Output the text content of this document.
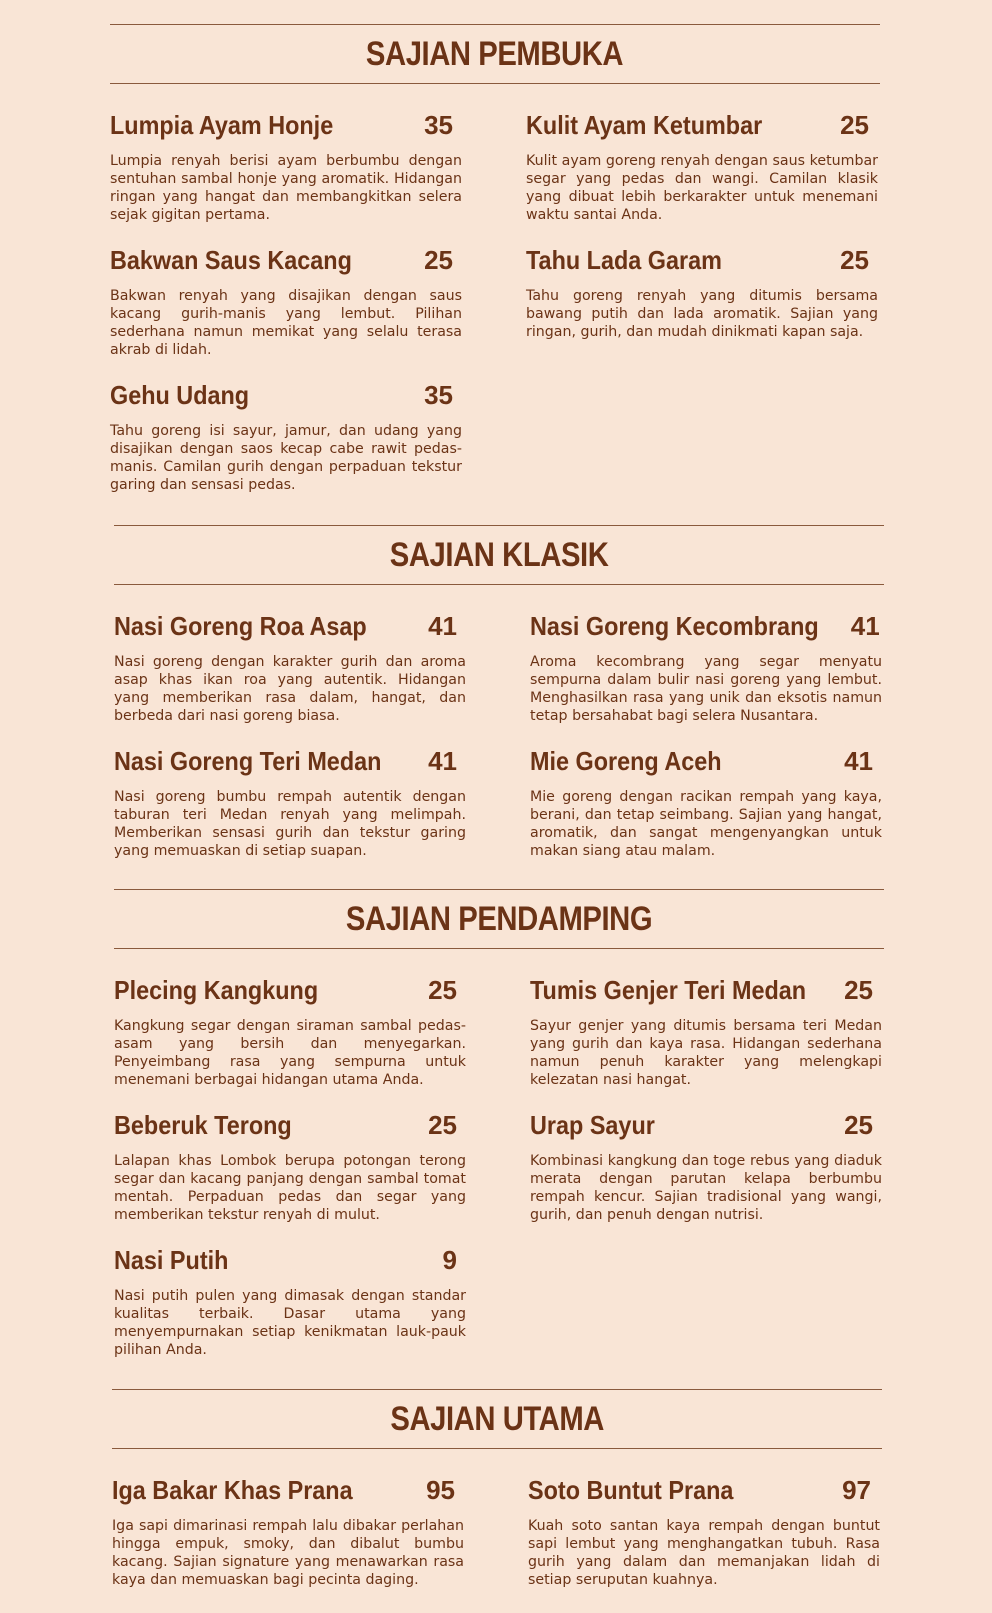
SAJIAN PEMBUKA
Lumpia Ayam Honje	35
Lumpia renyah berisi ayam berbumbu dengan sentuhan sambal honje yang aromatik. Hidangan ringan yang hangat dan membangkitkan selera sejak gigitan pertama.
Kulit Ayam Ketumbar	25
Kulit ayam goreng renyah dengan saus ketumbar segar yang pedas dan wangi. Camilan klasik yang dibuat lebih berkarakter untuk menemani waktu santai Anda.
Bakwan Saus Kacang	25
Bakwan renyah yang disajikan dengan saus kacang gurih-manis yang lembut. Pilihan sederhana namun memikat yang selalu terasa akrab di lidah.
Tahu Lada Garam	25
Tahu goreng renyah yang ditumis bersama bawang putih dan lada aromatik. Sajian yang ringan, gurih, dan mudah dinikmati kapan saja.
Gehu Udang	35
Tahu goreng isi sayur, jamur, dan udang yang disajikan dengan saos kecap cabe rawit pedas-manis. Camilan gurih dengan perpaduan tekstur garing dan sensasi pedas.
SAJIAN KLASIK
Nasi Goreng Roa Asap 41
Nasi goreng dengan karakter gurih dan aroma asap khas ikan roa yang autentik. Hidangan yang memberikan rasa dalam, hangat, dan berbeda dari nasi goreng biasa.
Nasi Goreng Kecombrang 41
Aroma kecombrang yang segar menyatu sempurna dalam bulir nasi goreng yang lembut. Menghasilkan rasa yang unik dan eksotis namun tetap bersahabat bagi selera Nusantara.
Nasi Goreng Teri Medan 41
Nasi goreng bumbu rempah autentik dengan taburan teri Medan renyah yang melimpah. Memberikan sensasi gurih dan tekstur garing yang memuaskan di setiap suapan.
Mie Goreng Aceh	41
Mie goreng dengan racikan rempah yang kaya, berani, dan tetap seimbang. Sajian yang hangat, aromatik, dan sangat mengenyangkan untuk makan siang atau malam.
SAJIAN PENDAMPING
Plecing Kangkung	25
Kangkung segar dengan siraman sambal pedas-asam yang bersih dan menyegarkan. Penyeimbang rasa yang sempurna untuk menemani berbagai hidangan utama Anda.
Tumis Genjer Teri Medan 25
Sayur genjer yang ditumis bersama teri Medan yang gurih dan kaya rasa. Hidangan sederhana namun penuh karakter yang melengkapi kelezatan nasi hangat.
Beberuk Terong	25
Lalapan khas Lombok berupa potongan terong segar dan kacang panjang dengan sambal tomat mentah. Perpaduan pedas dan segar yang memberikan tekstur renyah di mulut.
Urap Sayur	25
Kombinasi kangkung dan toge rebus yang diaduk merata dengan parutan kelapa berbumbu rempah kencur. Sajian tradisional yang wangi, gurih, dan penuh dengan nutrisi.
Nasi Putih	9
Nasi putih pulen yang dimasak dengan standar kualitas terbaik. Dasar utama yang menyempurnakan setiap kenikmatan lauk-pauk pilihan Anda.
SAJIAN UTAMA
Iga Bakar Khas Prana	95
Iga sapi dimarinasi rempah lalu dibakar perlahan hingga empuk, smoky, dan dibalut bumbu kacang. Sajian signature yang menawarkan rasa kaya dan memuaskan bagi pecinta daging.
Soto Buntut Prana	97
Kuah soto santan kaya rempah dengan buntut sapi lembut yang menghangatkan tubuh. Rasa gurih yang dalam dan memanjakan lidah di setiap seruputan kuahnya.
